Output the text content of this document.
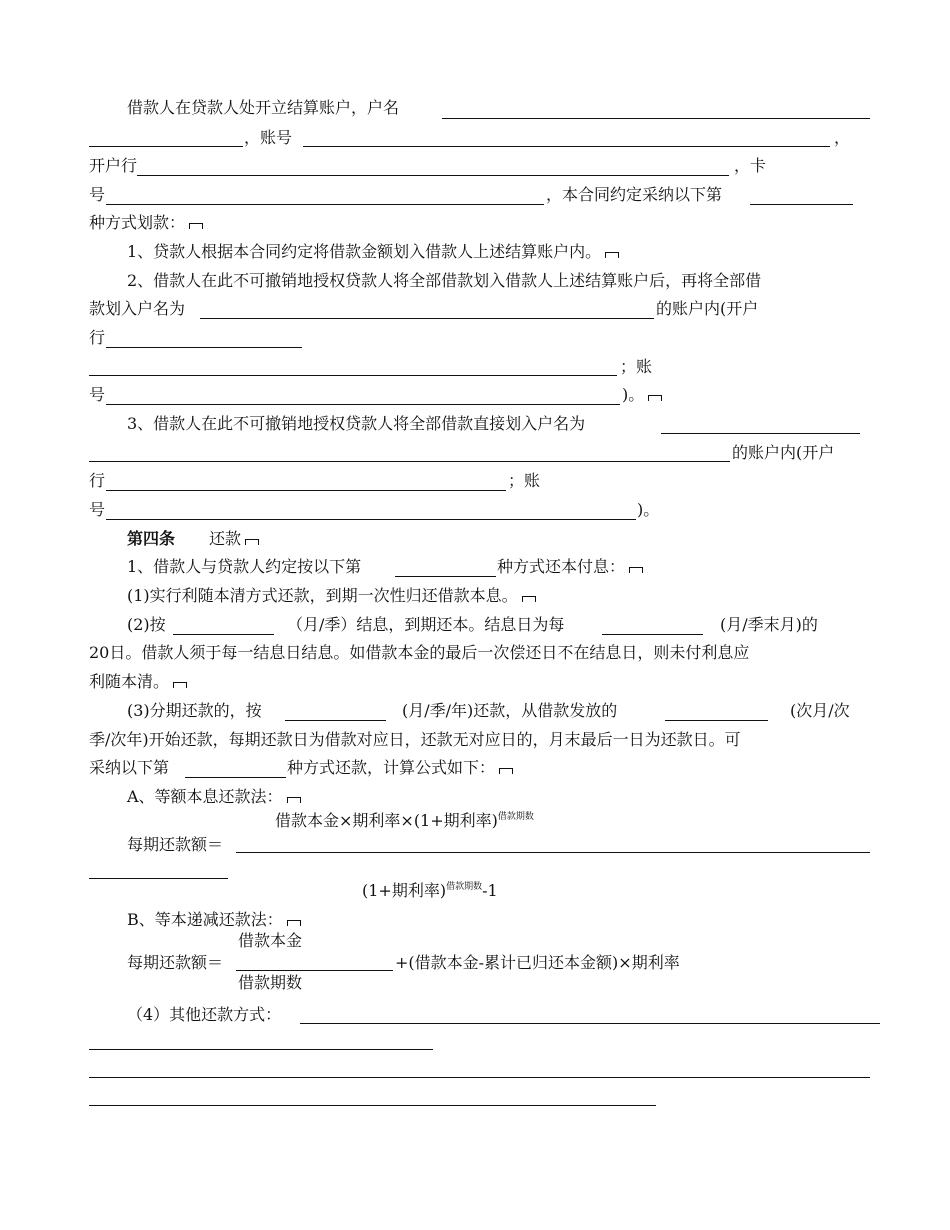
借款人在贷款人处开立结算账户，户名
，账号	，
开户行	，卡
号	，本合同约定采纳以下第
种方式划款：
1、贷款人根据本合同约定将借款金额划入借款人上述结算账户内。
2、借款人在此不可撤销地授权贷款人将全部借款划入借款人上述结算账户后，再将全部借
款划入户名为	的账户内(开户
行
；账
号	)。
3、借款人在此不可撤销地授权贷款人将全部借款直接划入户名为
的账户内(开户
行	；账
号	)。
第四条 还款
1、借款人与贷款人约定按以下第	种方式还本付息：
(1)实行利随本清方式还款，到期一次性归还借款本息。
(2)按	（月/季）结息，到期还本。结息日为每	(月/季末月)的
20日。借款人须于每一结息日结息。如借款本金的最后一次偿还日不在结息日，则未付利息应
利随本清。
(3)分期还款的，按	(月/季/年)还款，从借款发放的	(次月/次
季/次年)开始还款，每期还款日为借款对应日，还款无对应日的，月末最后一日为还款日。可
采纳以下第	种方式还款，计算公式如下：
A、等额本息还款法：
借款本金×期利率×(1+期利率)$^{借款期数}$
每期还款额＝
(1+期利率)$^{借款期数}$-1
B、等本递减还款法：
借款本金
每期还款额＝	+(借款本金-累计已归还本金额)×期利率
借款期数
（4）其他还款方式：
